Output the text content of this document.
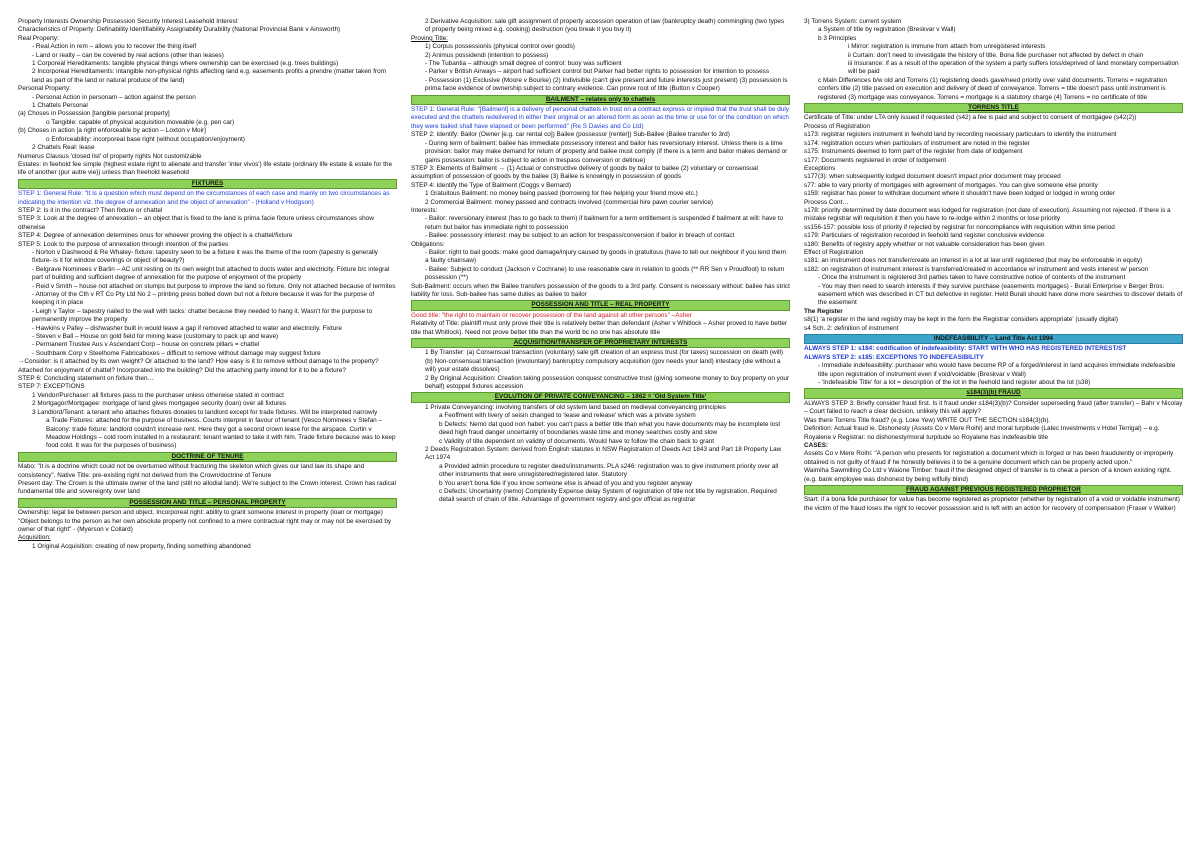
Property Interests Ownership Possession Security Interest Leasehold Interest
Characteristics of Property: Definability Identifiability Assignability Durability (National Provincial Bank v Ainsworth)
Real Property:
- Real Action in rem – allows you to recover the thing itself
- Land or realty – can be covered by real actions (other than leases)
1 Corporeal Hereditaments: tangible physical things where ownership can be exercised (e.g. trees buildings)
2 Incorporeal Hereditaments: intangible non-physical rights affecting land e.g. easements profits a prendre (matter taken from land as part of the land or natural produce of the land)
Personal Property:
- Personal Action in personam – action against the person
1 Chattels Personal
(a) Choses in Possession [tangible personal property]
o Tangible: capable of physical acquisition moveable (e.g. pen car)
(b) Choses in action [a right enforceable by action – Loxton v Moir]
o Enforceability: incorporeal base right (without occupation/enjoyment)
2 Chattels Real: lease
Numerus Clausus 'closed list' of property rights Not customizable
Estates: in feehold fee simple (highest estate right to alienate and transfer 'inter vivos') life estate (ordinary life estate & estate for the life of another (pur autre vie)) unless than freehold leasehold
FIXTURES
STEP 1: General Rule: "It is a question which must depend on the circumstances of each case and mainly on two circumstances as indicating the intention viz. the degree of annexation and the object of annexation" - (Holland v Hodgson)
STEP 2: Is it in the contract? Then fixture or chattel
STEP 3: Look at the degree of annexation – an object that is fixed to the land is prima facie fixture unless circumstances show otherwise
STEP 4: Degree of annexation determines onus for whoever proving the object is a chattel/fixture
STEP 5: Look to the purpose of annexation through intention of the parties
- Norton v Dashwood & Re Whaley- fixture: tapestry seen to be a fixture it was the theme of the room (tapestry is generally fixture- is it for window coverings or object of beauty?)
- Belgrave Nominees v Barlin – AC unit resting on its own weight but attached to ducts water and electricity. Fixture b/c integral part of building and sufficient degree of annexation for the purpose of enjoyment of the property
- Reid v Smith – house not attached on stumps but purpose to improve the land so fixture. Only not attached because of termites
- Attorney of the Cth v RT Co Pty Ltd No 2 – printing press bolted down but not a fixture because it was for the purpose of keeping it in place
- Leigh v Taylor – tapestry nailed to the wall with tacks: chattel because they needed to hang it. Wasn't for the purpose to permanently improve the property
- Hawkins v Pafey – dishwasher built in would leave a gap if removed attached to water and electricity. Fixture
- Steven v Ball – House on gold field for mining lease (customary to pack up and leave)
- Permanent Trustee Aus v Ascendant Corp – house on concrete pillars = chattel
- Southbank Corp v Steelhome Fabricaboxes – difficult to remove without damage may suggest fixture
→Consider: is it attached by its own weight? Or attached to the land? How easy is it to remove without damage to the property? Attached for enjoyment of chattel? Incorporated into the building? Did the attaching party intend for it to be a fixture?
STEP 6: Concluding statement on fixture then…
STEP 7: EXCEPTIONS
1 Vendor/Purchaser: all fixtures pass to the purchaser unless otherwise stated in contract
2 Mortgagor/Mortgagee: mortgage of land gives mortgagee security (loan) over all fixtures
3 Landlord/Tenant: a tenant who attaches fixtures donates to landlord except for trade fixtures. Will be interpreted narrowly
a Trade Fixtures: attached for the purpose of business. Courts interpret in favour of tenant (Vesco Nominees v Stefan – Balcony: trade fixture: landlord couldn't increase rent. Here they got a second crown lease for the airspace. Curtin v Meadow Holdings – cold room installed in a restaurant: tenant wanted to take it with him. Trade fixture because was to keep food cold. It was for the purposes of business)
DOCTRINE OF TENURE
Mabo: "It is a doctrine which could not be overturned without fracturing the skeleton which gives our land law its shape and consistency". Native Title: pre-existing right not derived from the Crown/doctrine of Tenure
Present day: The Crown is the ultimate owner of the land (still no allodial land). We're subject to the Crown interest. Crown has radical fundamental title and sovereignty over land
POSSESSION AND TITLE – PERSONAL PROPERTY
Ownership: legal tie between person and object. Incorporeal right: ability to grant someone interest in property (loan or mortgage) "Object belongs to the person as her own absolute property not confined to a mere contractual right may or may not be exercised by owner of that right" - (Myerson v Collard)
Acquisition:
1 Original Acquisition: creating of new property, finding something abandoned
2 Derivative Acquisition: sale gift assignment of property accession operation of law (bankruptcy death) commingling (two types of property being mixed e.g. cooking) destruction (you break it you buy it)
Proving Title:
1) Corpus possessionis (physical control over goods)
2) Animus possidendi (intention to possess)
- The Tubantia – although small degree of control: buoy was sufficient
- Parker v British Airways – airport had sufficient control but Parker had better rights to possession for intention to possess
- Possession (1) Exclusive (Moore v Bourke) (2) Indivisible (can't give present and future interests just present) (3) possession is prima facie evidence of ownership subject to contrary evidence. Can prove root of title (Button v Cooper)
BAILMENT – relates only to chattels
STEP 1: General Rule: "[Bailment] is a delivery of personal chattels in trust on a contract express or implied that the trust shall be duly executed and the chattels redelivered in either their original or an altered form as soon as the time or use for or the condition on which they were bailed shall have elapsed or been performed" (Re S Davies and Co Ltd)
STEP 2: Identify: Bailor (Owner [e.g. car rental co]) Bailee (possessor [renter]) Sub-Bailee (Bailee transfer to 3rd)
- During term of bailment: bailee has immediate possessory interest and bailor has reversionary interest. Unless there is a time provision: bailor may make demand for return of property and bailee must comply (if there is a term and bailor makes demand or gains possession: bailor is subject to action in trespass conversion or detinue)
STEP 3: Elements of Bailment → (1) Actual or constructive delivery of goods by bailor to bailee (2) voluntary or consensual assumption of possession of goods by the bailee (3) Bailee is knowingly in possession of goods
STEP 4: Identify the Type of Bailment (Coggs v Bernard)
1 Gratuitous Bailment: no money being passed (borrowing for free helping your friend move etc.)
2 Commercial Bailment: money passed and contracts involved (commercial hire pawn courier service)
Interests:
- Bailor: reversionary interest (has to go back to them) if bailment for a term entitlement is suspended if bailment at will: have to return but bailor has immediate right to possession
- Bailee: possessory interest: may be subject to an action for trespass/conversion if bailor in breach of contact
Obligations:
- Bailor: right to bail goods: make good damage/injury caused by goods in gratuitous (have to tell our neighbour if you lend them a faulty chainsaw)
- Bailee: Subject to conduct (Jackson v Cochrane) to use reasonable care in relation to goods (** RR Sen v Proudfoot) to return possession (**)
Sub-Bailment: occurs when the Bailee transfers possession of the goods to a 3rd party. Consent is necessary without: bailee has strict liability for loss. Sub-bailee has same duties as bailee to bailor
POSSESSION AND TITLE – REAL PROPERTY
Good title: "the right to maintain or recover possession of the land against all other persons" –Asher
Relativity of Title: plaintiff must only prove their title is relatively better than defendant (Asher v Whitlock – Asher proved to have better title that Whitlock). Need not prove better title than the world bc no one has absolute title
ACQUISITION/TRANSFER OF PROPRIETARY INTERESTS
1 By Transfer: (a) Consensual transaction (voluntary) sale gift creation of an express trust (for taxes) succession on death (will) (b) Non-consensual transaction (involuntary) bankruptcy compulsory acquisition (gov needs your land) intestacy (die without a will) your estate dissolves)
2 By Original Acquisition: Creation taking possession conquest constructive trust (giving someone money to buy property on your behalf) estoppel fixtures accession
EVOLUTION OF PRIVATE CONVEYANCING – 1862 = 'Old System Title'
1 Private Conveyancing: involving transfers of old system land based on medieval conveyancing principles
a Feoffment with livery of seisin changed to 'lease and release' which was a private system
b Defects: Nemo dat quod non habet: you can't pass a better title than what you have documents may be incomplete lost deed high fraud danger uncertainty of boundaries waste time and money searches costly and slow
c Validity of title dependent on validity of documents. Would have to follow the chain back to grant
2 Deeds Registration System: derived from English statutes in NSW Registration of Deeds Act 1843 and Part 18 Property Law Act 1974
a Provided admin procedure to register deeds/instruments. PLA s246: registration was to give instrument priority over all other instruments that were unregistered/registered later. Statutory
b You aren't bona fide if you know someone else is ahead of you and you register anyway
c Defects: Uncertainty (nemo) Complexity Expense delay System of registration of title not title by registration. Required detail search of chain of title. Advantage of government registry and gov official as registrar
3) Torrens System: current system
a System of title by registration (Breskvar v Wall)
b 3 Principles
i Mirror: registration is immune from attach from unregistered interests
ii Curtain: don't need to investigate the history of title. Bona fide purchaser not affected by defect in chain
iii Insurance: if as a result of the operation of the system a party suffers loss/deprived of land monetary compensation will be paid
c Main Differences b/w old and Torrens (1) registering deeds gave/need priority over valid documents. Torrens = registration confers title (2) title passed on execution and delivery of deed of conveyance. Torrens = title doesn't pass until instrument is registered (3) mortgage was conveyance. Torrens = mortgage is a statutory charge (4) Torrens = no certificate of title
TORRENS TITLE
Certificate of Title: under LTA only issued if requested (s42) a fee is paid and subject to consent of mortgagee (s42(2))
Process of Registration
s173: registrar registers instrument in feehold land by recording necessary particulars to identify the instrument
s174: registration occurs when particulars of instrument are noted in the register
s175: Instruments deemed to form part of the register from date of lodgement
s177: Documents registered in order of lodgement
Exceptions
s177(3): when subsequently lodged document doesn't impact prior document may proceed
s77: able to vary priority of mortgages with agreement of mortgages. You can give someone else priority
s159: registrar has power to withdraw document where it shouldn't have been lodged or lodged in wrong order
Process Cont…
s178: priority determined by date document was lodged for registration (not date of execution). Assuming not rejected. If there is a mistake registrar will requisition it then you have to re-lodge within 2 months or lose priority
ss156-157: possible loss of priority if rejected by registrar for noncompliance with requisition within time period
s179: Particulars of registration recorded in feehold land register conclusive evidence
s180: Benefits of registry apply whether or not valuable consideration has been given
Effect of Registration
s181: an instrument does not transfer/create an interest in a lot at law until registered (but may be enforceable in equity)
s182: on registration of instrument interest is transferred/created in accordance w/ instrument and vests interest w/ person
- Once the instrument is registered 3rd parties taken to have constructive notice of contents of the instrument
- You may then need to search interests if they survive purchase (easements mortgages) - Burali Enterprise v Berger Bros: easement which was described in CT but defective in register. Held Burali should have done more searches to discover details of the easement
The Register
s8(1) 'a register in the land registry may be kept in the form the Registrar considers appropriate' (usually digital)
s4 Sch. 2: definition of instrument
INDEFEASIBILITY – Land Title Act 1994
ALWAYS STEP 1: s184: codification of indefeasibility: START WITH WHO HAS REGISTERED INTEREST/ST
ALWAYS STEP 2: s185: EXCEPTIONS TO INDEFEASIBILITY
- Immediate indefeasibility: purchaser who would have become RP of a forged/interest in land acquires immediate indefeasible title upon registration of instrument even if void/voidable (Breskvar v Wall)
- 'Indefeasible Title' for a lot = description of the lot in the feehold land register about the lot (s38)
s184(3)(b) FRAUD
ALWAYS STEP 3: Briefly consider fraud first. Is it fraud under s184(3)(b)? Consider superseding fraud (after transfer) – Bahr v Nicolay – Court failed to reach a clear decision, unlikely this will apply?
Was there Torrens Title fraud? (e.g. Loke Yew) WRITE OUT THE SECTION s184(3)(b).
Definition: Actual fraud ie. Dishonesty (Assets Co v Mere Roihi) and moral turpitude (Latec Investments v Hotel Terrigal) – e.g. Royalene v Registrar: no dishonesty/moral turpitude so Royalene has indefeasible title
CASES:
Assets Co v Mere Roihi: "A person who presents for registration a document which is forged or has been fraudulently or improperly obtained is not guilty of fraud if he honestly believes it to be a genuine document which can be properly acted upon."
Waimiha Sawmilling Co Ltd v Waione Timber: fraud if the designed object of transfer is to cheat a person of a known existing right. (e.g. bank employee was dishonest by being wilfully blind)
FRAUD AGAINST PREVIOUS REGISTERED PROPRIETOR
Start: if a bona fide purchaser for value has become registered as proprietor (whether by registration of a void or voidable instrument) the victim of the fraud loses the right to recover possession and is left with an action for recovery of compensation (Fraser v Walker)
